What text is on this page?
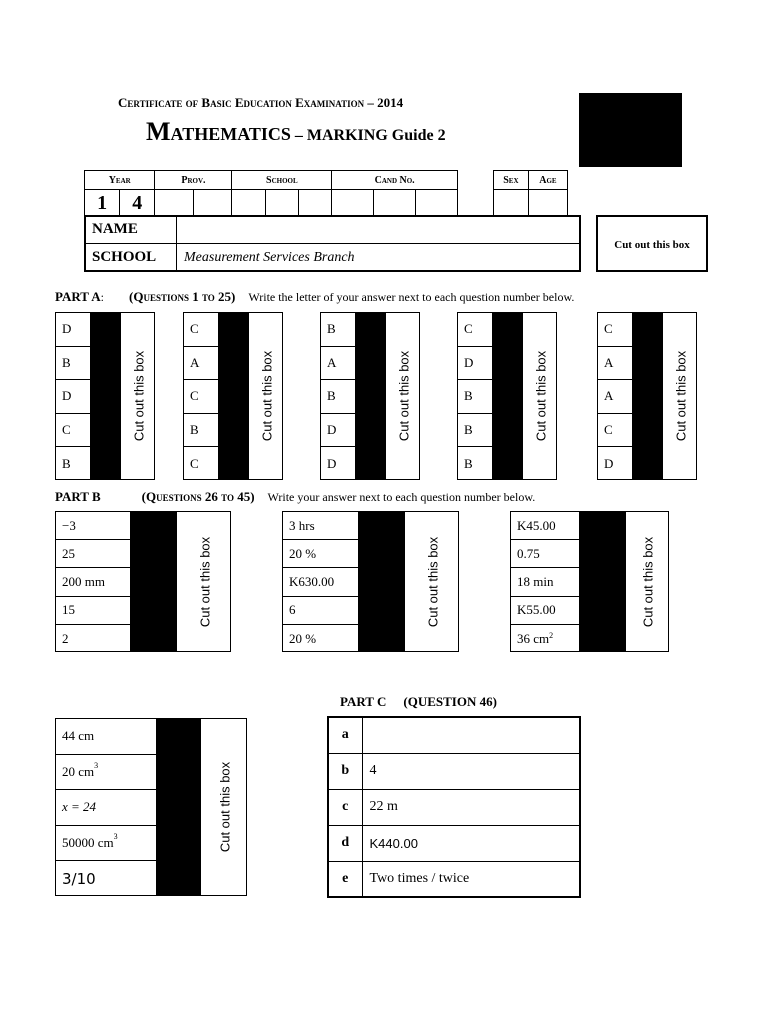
Certificate of Basic Education Examination – 2014
Mathematics – MARKING Guide 2
Year		Prov.		School			Cand No.		
1	4								
Sex	Age

NAME
SCHOOL Measurement Services Branch
Cut out this box
PART A: (Questions 1 to 25) Write the letter of your answer next to each question number below.
D
B
D
C
B
Cut out this box
C
A
C
B
C
Cut out this box
B
A
B
D
D
Cut out this box
C
D
B
B
B
Cut out this box
C
A
A
C
D
Cut out this box
PART B	(Questions 26 to 45) Write your answer next to each question number below.
−3
25
200 mm
15
2
Cut out this box
3 hrs
20 %
K630.00
6
20 %
Cut out this box
K45.00
0.75
18 min
K55.00
36 $cm^2$
Cut out this box
44 cm
20 $cm^3$
x = 24
50000 $cm^3$
3/10
Cut out this box
PART C (QUESTION 46)
a	
b	4
c	22 m
d	K440.00
e	Two times / twice
